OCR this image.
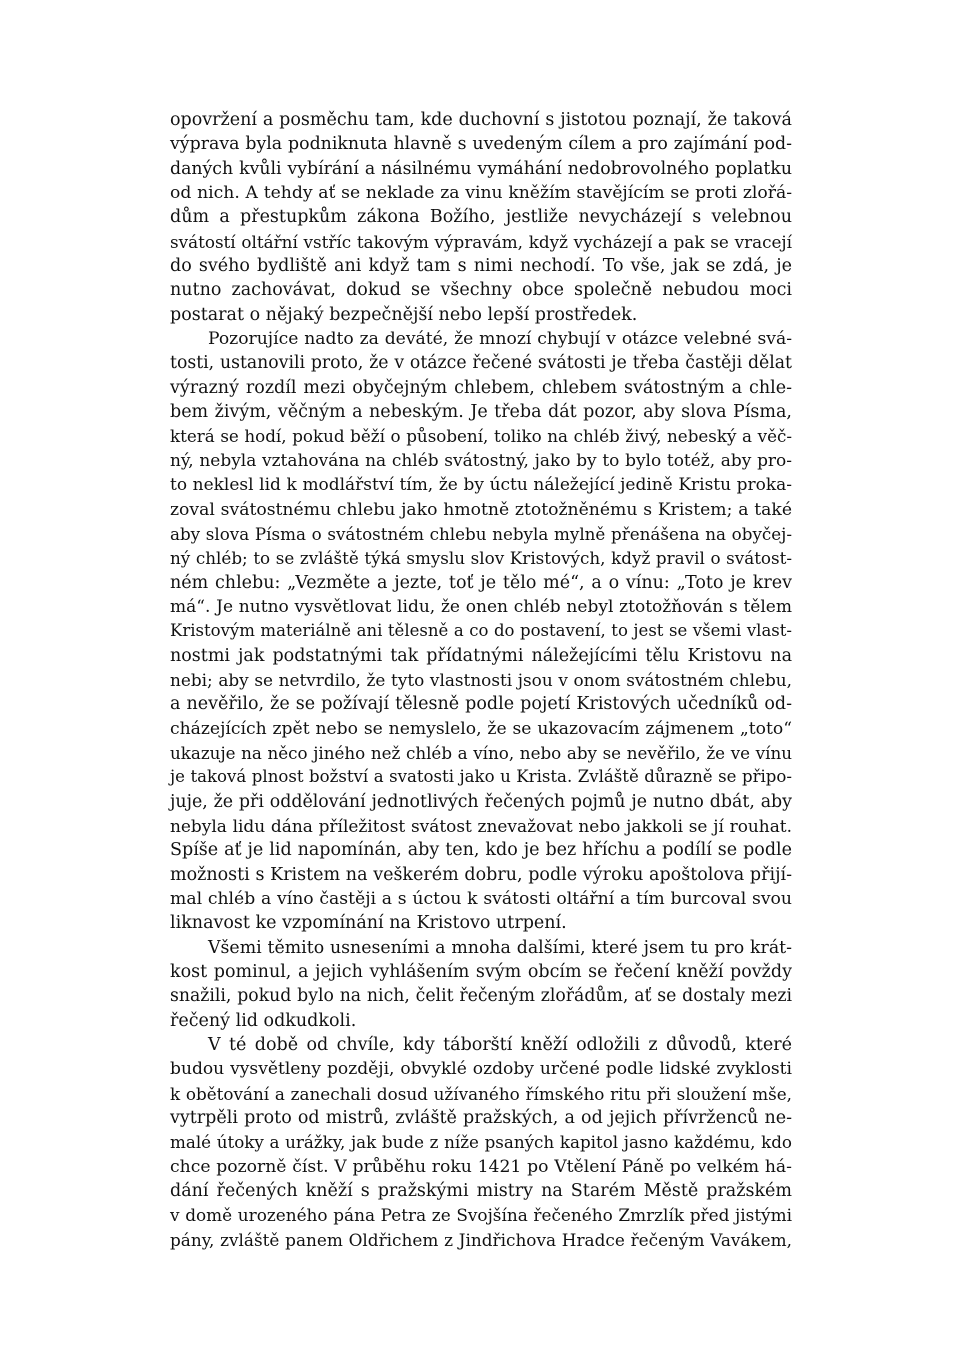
opovržení a posměchu tam, kde duchovní s jistotou poznají, že taková
výprava byla podniknuta hlavně s uvedeným cílem a pro zajímání pod-
daných kvůli vybírání a násilnému vymáhání nedobrovolného poplatku
od nich. A tehdy ať se neklade za vinu kněžím stavějícím se proti zlořá-
dům a přestupkům zákona Božího, jestliže nevycházejí s velebnou
svátostí oltářní vstříc takovým výpravám, když vycházejí a pak se vracejí
do svého bydliště ani když tam s nimi nechodí. To vše, jak se zdá, je
nutno zachovávat, dokud se všechny obce společně nebudou moci
postarat o nějaký bezpečnější nebo lepší prostředek.
Pozorujíce nadto za deváté, že mnozí chybují v otázce velebné svá-
tosti, ustanovili proto, že v otázce řečené svátosti je třeba častěji dělat
výrazný rozdíl mezi obyčejným chlebem, chlebem svátostným a chle-
bem živým, věčným a nebeským. Je třeba dát pozor, aby slova Písma,
která se hodí, pokud běží o působení, toliko na chléb živý, nebeský a věč-
ný, nebyla vztahována na chléb svátostný, jako by to bylo totéž, aby pro-
to neklesl lid k modlářství tím, že by úctu náležející jedině Kristu proka-
zoval svátostnému chlebu jako hmotně ztotožněnému s Kristem; a také
aby slova Písma o svátostném chlebu nebyla mylně přenášena na obyčej-
ný chléb; to se zvláště týká smyslu slov Kristových, když pravil o svátost-
ném chlebu: „Vezměte a jezte, toť je tělo mé“, a o vínu: „Toto je krev
má“. Je nutno vysvětlovat lidu, že onen chléb nebyl ztotožňován s tělem
Kristovým materiálně ani tělesně a co do postavení, to jest se všemi vlast-
nostmi jak podstatnými tak přídatnými náležejícími tělu Kristovu na
nebi; aby se netvrdilo, že tyto vlastnosti jsou v onom svátostném chlebu,
a nevěřilo, že se požívají tělesně podle pojetí Kristových učedníků od-
cházejících zpět nebo se nemyslelo, že se ukazovacím zájmenem „toto“
ukazuje na něco jiného než chléb a víno, nebo aby se nevěřilo, že ve vínu
je taková plnost božství a svatosti jako u Krista. Zvláště důrazně se připo-
juje, že při oddělování jednotlivých řečených pojmů je nutno dbát, aby
nebyla lidu dána příležitost svátost znevažovat nebo jakkoli se jí rouhat.
Spíše ať je lid napomínán, aby ten, kdo je bez hříchu a podílí se podle
možnosti s Kristem na veškerém dobru, podle výroku apoštolova přijí-
mal chléb a víno častěji a s úctou k svátosti oltářní a tím burcoval svou
liknavost ke vzpomínání na Kristovo utrpení.
Všemi těmito usneseními a mnoha dalšími, které jsem tu pro krát-
kost pominul, a jejich vyhlášením svým obcím se řečení kněží povždy
snažili, pokud bylo na nich, čelit řečeným zlořádům, ať se dostaly mezi
řečený lid odkudkoli.
V té době od chvíle, kdy táborští kněží odložili z důvodů, které
budou vysvětleny později, obvyklé ozdoby určené podle lidské zvyklosti
k obětování a zanechali dosud užívaného římského ritu při sloužení mše,
vytrpěli proto od mistrů, zvláště pražských, a od jejich přívrženců ne-
malé útoky a urážky, jak bude z níže psaných kapitol jasno každému, kdo
chce pozorně číst. V průběhu roku 1421 po Vtělení Páně po velkém há-
dání řečených kněží s pražskými mistry na Starém Městě pražském
v domě urozeného pána Petra ze Svojšína řečeného Zmrzlík před jistými
pány, zvláště panem Oldřichem z Jindřichova Hradce řečeným Vavákem,
